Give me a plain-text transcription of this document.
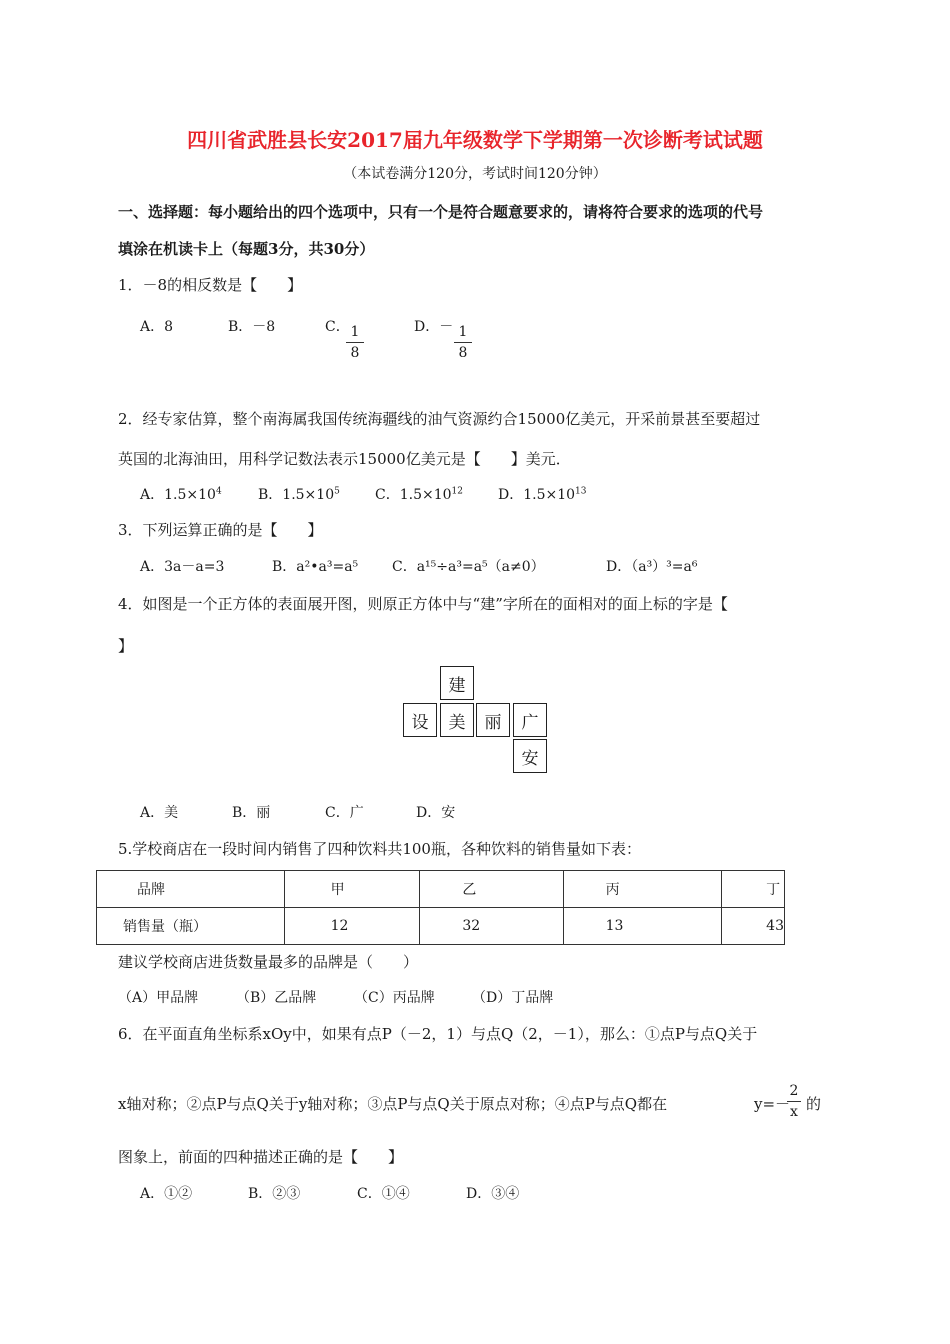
四川省武胜县长安2017届九年级数学下学期第一次诊断考试试题
（本试卷满分120分，考试时间120分钟）
一、选择题：每小题给出的四个选项中，只有一个是符合题意要求的，请将符合要求的选项的代号
填涂在机读卡上（每题3分，共30分）
1．－8的相反数是【　　】
A．8	B．－8	C． 1
8
D．－ 1
8
2．经专家估算，整个南海属我国传统海疆线的油气资源约合15000亿美元，开采前景甚至要超过
英国的北海油田，用科学记数法表示15000亿美元是【　　】美元．
A．$1.5\times 10^4$	B．$1.5\times 10^5$	C．$1.5\times 10^{12}$	D．$1.5\times 10^{13}$
3．下列运算正确的是【　　】
A．3a－a=3	B．a²•a³=a⁵ C．a¹⁵÷a³=a⁵（a≠0）	D．（a³）³=a⁶
4．如图是一个正方体的表面展开图，则原正方体中与“建”字所在的面相对的面上标的字是【
】
建
设	美	丽	广
安
A．美	B．丽	C．广	D．安
5.学校商店在一段时间内销售了四种饮料共100瓶，各种饮料的销售量如下表：
品牌	甲	乙	丙	丁
销售量（瓶）	12	32	13	43
建议学校商店进货数量最多的品牌是（　　）
（A）甲品牌	（B）乙品牌	（C）丙品牌	（D）丁品牌
6．在平面直角坐标系xOy中，如果有点P（－2，1）与点Q（2，－1），那么：①点P与点Q关于
x轴对称；②点P与点Q关于y轴对称；③点P与点Q关于原点对称；④点P与点Q都在	y=－
2
x 的
图象上，前面的四种描述正确的是【　　】
A．①②	B．②③	C．①④	D．③④
